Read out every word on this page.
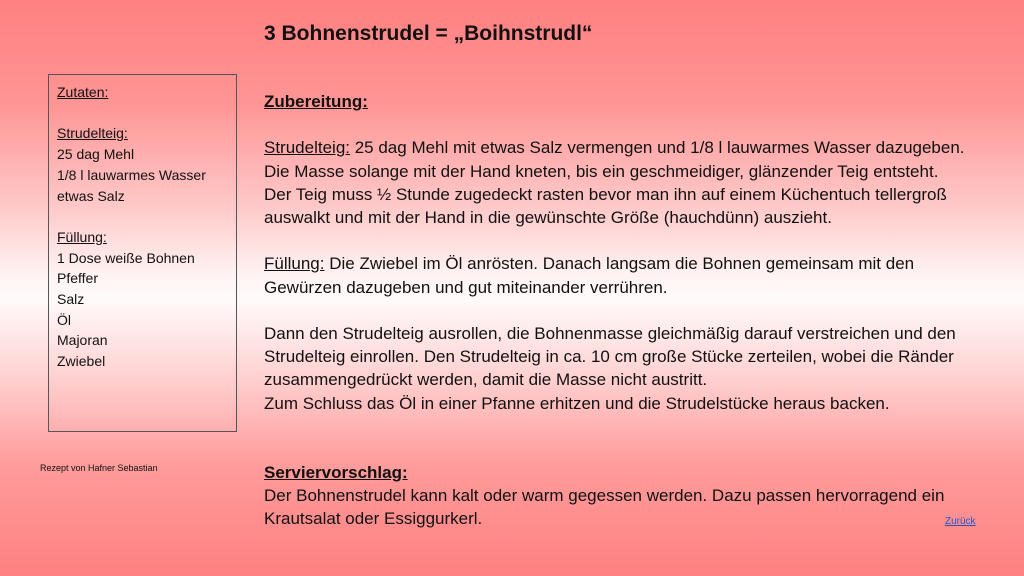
3 Bohnenstrudel = „Boihnstrudl“
Zutaten:
Strudelteig:
25 dag Mehl
1/8 l lauwarmes Wasser
etwas Salz
Füllung:
1 Dose weiße Bohnen
Pfeffer
Salz
Öl
Majoran
Zwiebel
Rezept von Hafner Sebastian

Zubereitung:

Strudelteig: 25 dag Mehl mit etwas Salz vermengen und 1/8 l lauwarmes Wasser dazugeben.

Die Masse solange mit der Hand kneten, bis ein geschmeidiger, glänzender Teig entsteht.

Der Teig muss ½ Stunde zugedeckt rasten bevor man ihn auf einem Küchentuch tellergroß

auswalkt und mit der Hand in die gewünschte Größe (hauchdünn) auszieht.

Füllung: Die Zwiebel im Öl anrösten. Danach langsam die Bohnen gemeinsam mit den

Gewürzen dazugeben und gut miteinander verrühren.

Dann den Strudelteig ausrollen, die Bohnenmasse gleichmäßig darauf verstreichen und den

Strudelteig einrollen. Den Strudelteig in ca. 10 cm große Stücke zerteilen, wobei die Ränder

zusammengedrückt werden, damit die Masse nicht austritt.

Zum Schluss das Öl in einer Pfanne erhitzen und die Strudelstücke heraus backen.

Serviervorschlag:

Der Bohnenstrudel kann kalt oder warm gegessen werden. Dazu passen hervorragend ein

Krautsalat oder Essiggurkerl.	Zurück
